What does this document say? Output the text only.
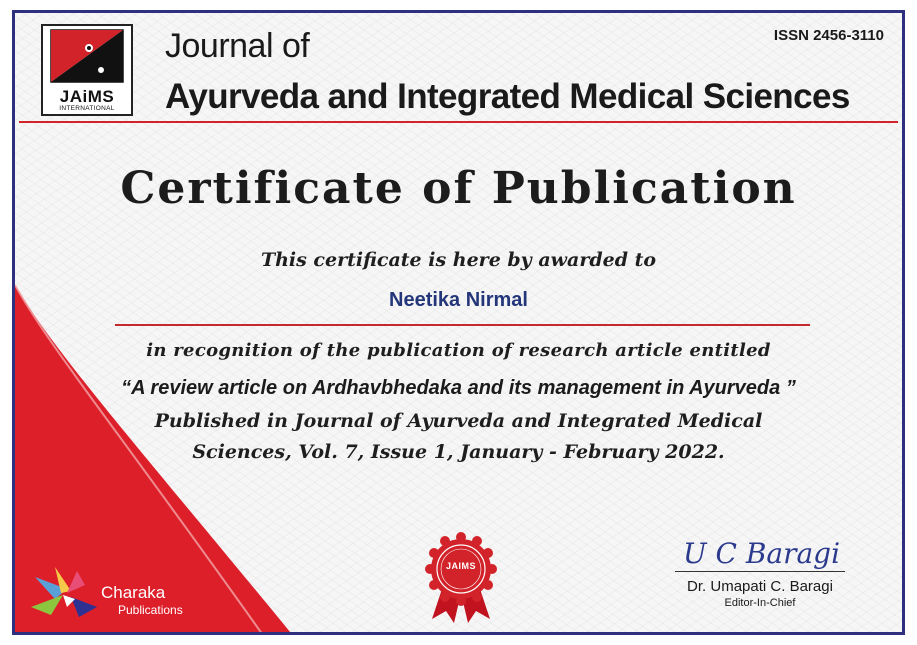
JAiMS
INTERNATIONAL
Journal of
Ayurveda and Integrated Medical Sciences
ISSN 2456-3110
Certificate of Publication
This certificate is here by awarded to
Neetika Nirmal
in recognition of the publication of research article entitled
“A review article on Ardhavbhedaka and its management in Ayurveda ”
Published in Journal of Ayurveda and Integrated Medical
Sciences, Vol. 7, Issue 1, January - February 2022.
JAIMS	U C Baragi
Dr. Umapati C. Baragi
Editor-In-Chief
Charaka
Publications
